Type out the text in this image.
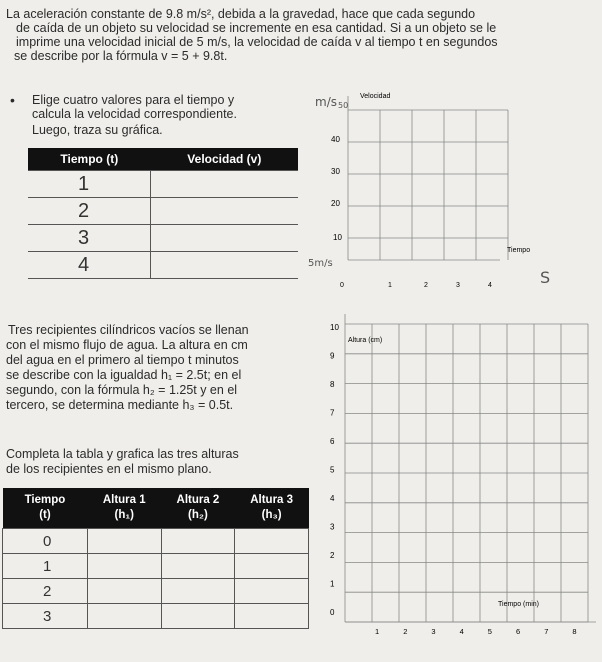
La aceleración constante de 9.8 m/s², debida a la gravedad, hace que cada segundo
de caída de un objeto su velocidad se incremente en esa cantidad. Si a un objeto se le
imprime una velocidad inicial de 5 m/s, la velocidad de caída v al tiempo t en segundos
se describe por la fórmula v = 5 + 9.8t.
• Elige cuatro valores para el tiempo y
calcula la velocidad correspondiente.
Luego, traza su gráfica.
Tiempo (t)	Velocidad (v)
1	
2	
3	
4	
Velocidad
Tiempo
m/s 50
5m/s
S
40
30
20
10
0	1	2	3	4
Tres recipientes cilíndricos vacíos se llenan
con el mismo flujo de agua. La altura en cm
del agua en el primero al tiempo t minutos
se describe con la igualdad h₁ = 2.5t; en el
segundo, con la fórmula h₂ = 1.25t y en el
tercero, se determina mediante h₃ = 0.5t.
Completa la tabla y grafica las tres alturas
de los recipientes en el mismo plano.
Tiempo
(t)	Altura 1
(h₁)	Altura 2
(h₂)	Altura 3
(h₃)
0			
1			
2			
3			
Altura (cm)
Tiempo (min)
10
9
8
7
6
5
4
3
2
1
0
1	2	3	4	5	6	7	8
